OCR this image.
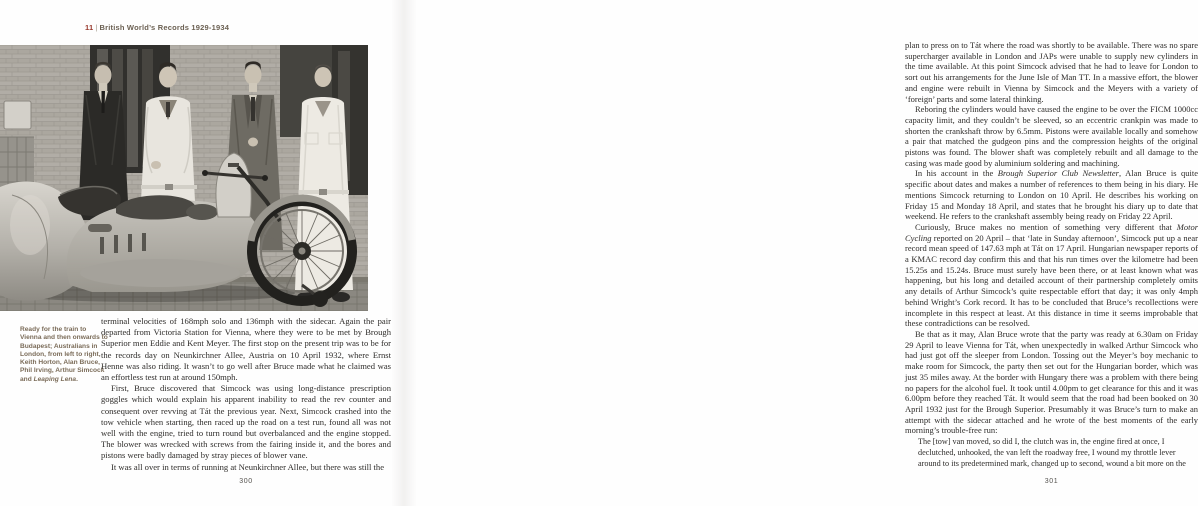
11 | British World’s Records 1929-1934
Ready for the train to Vienna and then onwards to Budapest; Australians in London, from left to right, Keith Horton, Alan Bruce, Phil Irving, Arthur Simcock and Leaping Lena.

terminal velocities of 168mph solo and 136mph with the sidecar. Again the pair departed from Victoria Station for Vienna, where they were to be met by Brough Superior men Eddie and Kent Meyer. The first stop on the present trip was to be for the records day on Neunkirchner Allee, Austria on 10 April 1932, where Ernst Henne was also riding. It wasn’t to go well after Bruce made what he claimed was an effortless test run at around 150mph.

First, Bruce discovered that Simcock was using long-distance prescription goggles which would explain his apparent inability to read the rev counter and consequent over revving at Tát the previous year. Next, Simcock crashed into the tow vehicle when starting, then raced up the road on a test run, found all was not well with the engine, tried to turn round but overbalanced and the engine stopped. The blower was wrecked with screws from the fairing inside it, and the bores and pistons were badly damaged by stray pieces of blower vane.

It was all over in terms of running at Neunkirchner Allee, but there was still the

300

plan to press on to Tát where the road was shortly to be available. There was no spare supercharger available in London and JAPs were unable to supply new cylinders in the time available. At this point Simcock advised that he had to leave for London to sort out his arrangements for the June Isle of Man TT. In a massive effort, the blower and engine were rebuilt in Vienna by Simcock and the Meyers with a variety of ‘foreign’ parts and some lateral thinking.

Reboring the cylinders would have caused the engine to be over the FICM 1000cc capacity limit, and they couldn’t be sleeved, so an eccentric crankpin was made to shorten the crankshaft throw by 6.5mm. Pistons were available locally and somehow a pair that matched the gudgeon pins and the compression heights of the original pistons was found. The blower shaft was completely rebuilt and all damage to the casing was made good by aluminium soldering and machining.

In his account in the Brough Superior Club Newsletter, Alan Bruce is quite specific about dates and makes a number of references to them being in his diary. He mentions Simcock returning to London on 10 April. He describes his working on Friday 15 and Monday 18 April, and states that he brought his diary up to date that weekend. He refers to the crankshaft assembly being ready on Friday 22 April.

Curiously, Bruce makes no mention of something very different that Motor Cycling reported on 20 April – that ‘late in Sunday afternoon’, Simcock put up a near record mean speed of 147.63 mph at Tát on 17 April. Hungarian newspaper reports of a KMAC record day confirm this and that his run times over the kilometre had been 15.25s and 15.24s. Bruce must surely have been there, or at least known what was happening, but his long and detailed account of their partnership completely omits any details of Arthur Simcock’s quite respectable effort that day; it was only 4mph behind Wright’s Cork record. It has to be concluded that Bruce’s recollections were incomplete in this respect at least. At this distance in time it seems improbable that these contradictions can be resolved.

Be that as it may, Alan Bruce wrote that the party was ready at 6.30am on Friday 29 April to leave Vienna for Tát, when unexpectedly in walked Arthur Simcock who had just got off the sleeper from London. Tossing out the Meyer’s boy mechanic to make room for Simcock, the party then set out for the Hungarian border, which was just 35 miles away. At the border with Hungary there was a problem with there being no papers for the alcohol fuel. It took until 4.00pm to get clearance for this and it was 6.00pm before they reached Tát. It would seem that the road had been booked on 30 April 1932 just for the Brough Superior. Presumably it was Bruce’s turn to make an attempt with the sidecar attached and he wrote of the best moments of the early morning’s trouble-free run:

The [tow] van moved, so did I, the clutch was in, the engine fired at once, I declutched, unhooked, the van left the roadway free, I wound my throttle lever around to its predetermined mark, changed up to second, wound a bit more on the
301
